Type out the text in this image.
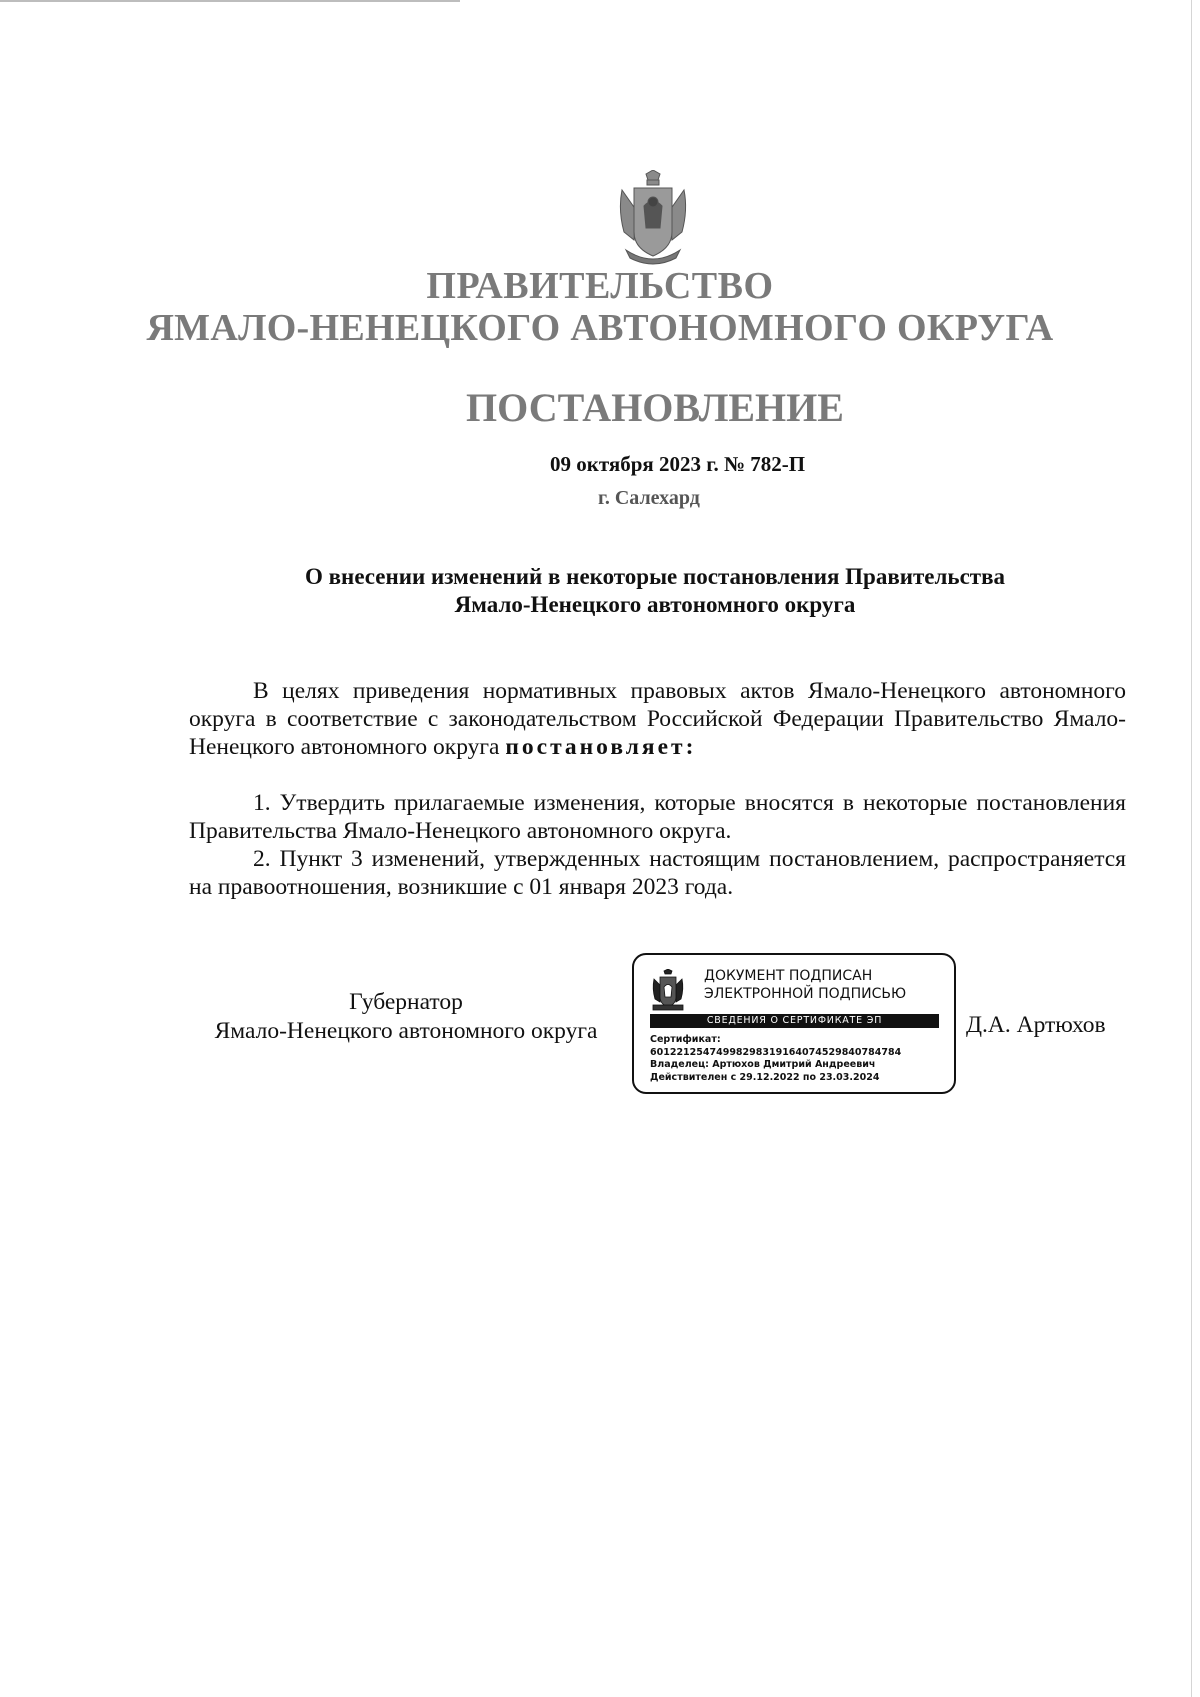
ПРАВИТЕЛЬСТВО
ЯМАЛО-НЕНЕЦКОГО АВТОНОМНОГО ОКРУГА
ПОСТАНОВЛЕНИЕ
09 октября 2023 г. № 782-П
г. Салехард
О внесении изменений в некоторые постановления Правительства
Ямало-Ненецкого автономного округа
В целях приведения нормативных правовых актов Ямало-Ненецкого автономного округа в соответствие с законодательством Российской Федерации Правительство Ямало-Ненецкого автономного округа постановляет:
1. Утвердить прилагаемые изменения, которые вносятся в некоторые постановления Правительства Ямало-Ненецкого автономного округа.
2. Пункт 3 изменений, утвержденных настоящим постановлением, распространяется на правоотношения, возникшие с 01 января 2023 года.
Губернатор
Ямало-Ненецкого автономного округа
ДОКУМЕНТ ПОДПИСАН
ЭЛЕКТРОННОЙ ПОДПИСЬЮ
СВЕДЕНИЯ О СЕРТИФИКАТЕ ЭП
Сертификат:
60122125474998298319164074529840784784
Владелец: Артюхов Дмитрий Андреевич
Действителен с 29.12.2022 по 23.03.2024
Д.А. Артюхов
